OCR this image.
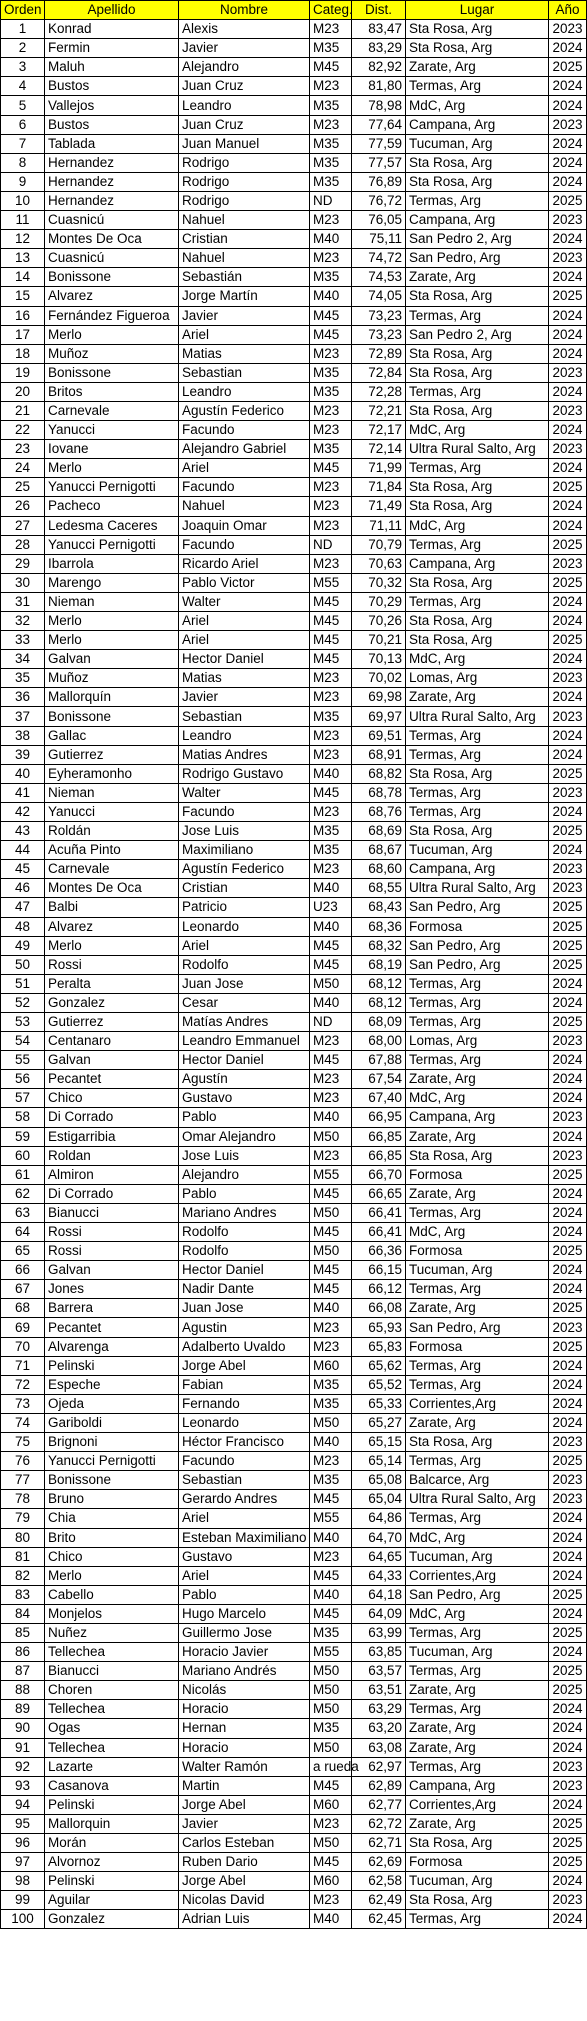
Orden	Apellido	Nombre	Categ.	Dist.	Lugar	Año
1	Konrad	Alexis	M23	83,47	Sta Rosa, Arg	2023
2	Fermin	Javier	M35	83,29	Sta Rosa, Arg	2024
3	Maluh	Alejandro	M45	82,92	Zarate, Arg	2025
4	Bustos	Juan Cruz	M23	81,80	Termas, Arg	2024
5	Vallejos	Leandro	M35	78,98	MdC, Arg	2024
6	Bustos	Juan Cruz	M23	77,64	Campana, Arg	2023
7	Tablada	Juan Manuel	M35	77,59	Tucuman, Arg	2024
8	Hernandez	Rodrigo	M35	77,57	Sta Rosa, Arg	2024
9	Hernandez	Rodrigo	M35	76,89	Sta Rosa, Arg	2024
10	Hernandez	Rodrigo	ND	76,72	Termas, Arg	2025
11	Cuasnicú	Nahuel	M23	76,05	Campana, Arg	2023
12	Montes De Oca	Cristian	M40	75,11	San Pedro 2, Arg	2024
13	Cuasnicú	Nahuel	M23	74,72	San Pedro, Arg	2023
14	Bonissone	Sebastián	M35	74,53	Zarate, Arg	2024
15	Alvarez	Jorge Martín	M40	74,05	Sta Rosa, Arg	2025
16	Fernández Figueroa	Javier	M45	73,23	Termas, Arg	2024
17	Merlo	Ariel	M45	73,23	San Pedro 2, Arg	2024
18	Muñoz	Matias	M23	72,89	Sta Rosa, Arg	2024
19	Bonissone	Sebastian	M35	72,84	Sta Rosa, Arg	2023
20	Britos	Leandro	M35	72,28	Termas, Arg	2024
21	Carnevale	Agustín Federico	M23	72,21	Sta Rosa, Arg	2023
22	Yanucci	Facundo	M23	72,17	MdC, Arg	2024
23	Iovane	Alejandro Gabriel	M35	72,14	Ultra Rural Salto, Arg	2023
24	Merlo	Ariel	M45	71,99	Termas, Arg	2024
25	Yanucci Pernigotti	Facundo	M23	71,84	Sta Rosa, Arg	2025
26	Pacheco	Nahuel	M23	71,49	Sta Rosa, Arg	2024
27	Ledesma Caceres	Joaquin Omar	M23	71,11	MdC, Arg	2024
28	Yanucci Pernigotti	Facundo	ND	70,79	Termas, Arg	2025
29	Ibarrola	Ricardo Ariel	M23	70,63	Campana, Arg	2023
30	Marengo	Pablo Victor	M55	70,32	Sta Rosa, Arg	2025
31	Nieman	Walter	M45	70,29	Termas, Arg	2024
32	Merlo	Ariel	M45	70,26	Sta Rosa, Arg	2024
33	Merlo	Ariel	M45	70,21	Sta Rosa, Arg	2025
34	Galvan	Hector Daniel	M45	70,13	MdC, Arg	2024
35	Muñoz	Matias	M23	70,02	Lomas, Arg	2023
36	Mallorquín	Javier	M23	69,98	Zarate, Arg	2024
37	Bonissone	Sebastian	M35	69,97	Ultra Rural Salto, Arg	2023
38	Gallac	Leandro	M23	69,51	Termas, Arg	2024
39	Gutierrez	Matias Andres	M23	68,91	Termas, Arg	2024
40	Eyheramonho	Rodrigo Gustavo	M40	68,82	Sta Rosa, Arg	2025
41	Nieman	Walter	M45	68,78	Termas, Arg	2023
42	Yanucci	Facundo	M23	68,76	Termas, Arg	2024
43	Roldán	Jose Luis	M35	68,69	Sta Rosa, Arg	2025
44	Acuña Pinto	Maximiliano	M35	68,67	Tucuman, Arg	2024
45	Carnevale	Agustín Federico	M23	68,60	Campana, Arg	2023
46	Montes De Oca	Cristian	M40	68,55	Ultra Rural Salto, Arg	2023
47	Balbi	Patricio	U23	68,43	San Pedro, Arg	2025
48	Alvarez	Leonardo	M40	68,36	Formosa	2025
49	Merlo	Ariel	M45	68,32	San Pedro, Arg	2025
50	Rossi	Rodolfo	M45	68,19	San Pedro, Arg	2025
51	Peralta	Juan Jose	M50	68,12	Termas, Arg	2024
52	Gonzalez	Cesar	M40	68,12	Termas, Arg	2024
53	Gutierrez	Matías Andres	ND	68,09	Termas, Arg	2025
54	Centanaro	Leandro Emmanuel	M23	68,00	Lomas, Arg	2023
55	Galvan	Hector Daniel	M45	67,88	Termas, Arg	2024
56	Pecantet	Agustín	M23	67,54	Zarate, Arg	2024
57	Chico	Gustavo	M23	67,40	MdC, Arg	2024
58	Di Corrado	Pablo	M40	66,95	Campana, Arg	2023
59	Estigarribia	Omar Alejandro	M50	66,85	Zarate, Arg	2024
60	Roldan	Jose Luis	M23	66,85	Sta Rosa, Arg	2023
61	Almiron	Alejandro	M55	66,70	Formosa	2025
62	Di Corrado	Pablo	M45	66,65	Zarate, Arg	2024
63	Bianucci	Mariano Andres	M50	66,41	Termas, Arg	2024
64	Rossi	Rodolfo	M45	66,41	MdC, Arg	2024
65	Rossi	Rodolfo	M50	66,36	Formosa	2025
66	Galvan	Hector Daniel	M45	66,15	Tucuman, Arg	2024
67	Jones	Nadir Dante	M45	66,12	Termas, Arg	2024
68	Barrera	Juan Jose	M40	66,08	Zarate, Arg	2025
69	Pecantet	Agustin	M23	65,93	San Pedro, Arg	2023
70	Alvarenga	Adalberto Uvaldo	M23	65,83	Formosa	2025
71	Pelinski	Jorge Abel	M60	65,62	Termas, Arg	2024
72	Espeche	Fabian	M35	65,52	Termas, Arg	2024
73	Ojeda	Fernando	M35	65,33	Corrientes,Arg	2024
74	Gariboldi	Leonardo	M50	65,27	Zarate, Arg	2024
75	Brignoni	Héctor Francisco	M40	65,15	Sta Rosa, Arg	2023
76	Yanucci Pernigotti	Facundo	M23	65,14	Termas, Arg	2025
77	Bonissone	Sebastian	M35	65,08	Balcarce, Arg	2023
78	Bruno	Gerardo Andres	M45	65,04	Ultra Rural Salto, Arg	2023
79	Chia	Ariel	M55	64,86	Termas, Arg	2024
80	Brito	Esteban Maximiliano	M40	64,70	MdC, Arg	2024
81	Chico	Gustavo	M23	64,65	Tucuman, Arg	2024
82	Merlo	Ariel	M45	64,33	Corrientes,Arg	2024
83	Cabello	Pablo	M40	64,18	San Pedro, Arg	2025
84	Monjelos	Hugo Marcelo	M45	64,09	MdC, Arg	2024
85	Nuñez	Guillermo Jose	M35	63,99	Termas, Arg	2025
86	Tellechea	Horacio Javier	M55	63,85	Tucuman, Arg	2024
87	Bianucci	Mariano Andrés	M50	63,57	Termas, Arg	2025
88	Choren	Nicolás	M50	63,51	Zarate, Arg	2025
89	Tellechea	Horacio	M50	63,29	Termas, Arg	2024
90	Ogas	Hernan	M35	63,20	Zarate, Arg	2024
91	Tellechea	Horacio	M50	63,08	Zarate, Arg	2024
92	Lazarte	Walter Ramón	a rueda	62,97	Termas, Arg	2023
93	Casanova	Martin	M45	62,89	Campana, Arg	2023
94	Pelinski	Jorge Abel	M60	62,77	Corrientes,Arg	2024
95	Mallorquin	Javier	M23	62,72	Zarate, Arg	2025
96	Morán	Carlos Esteban	M50	62,71	Sta Rosa, Arg	2025
97	Alvornoz	Ruben Dario	M45	62,69	Formosa	2025
98	Pelinski	Jorge Abel	M60	62,58	Tucuman, Arg	2024
99	Aguilar	Nicolas David	M23	62,49	Sta Rosa, Arg	2023
100	Gonzalez	Adrian Luis	M40	62,45	Termas, Arg	2024
